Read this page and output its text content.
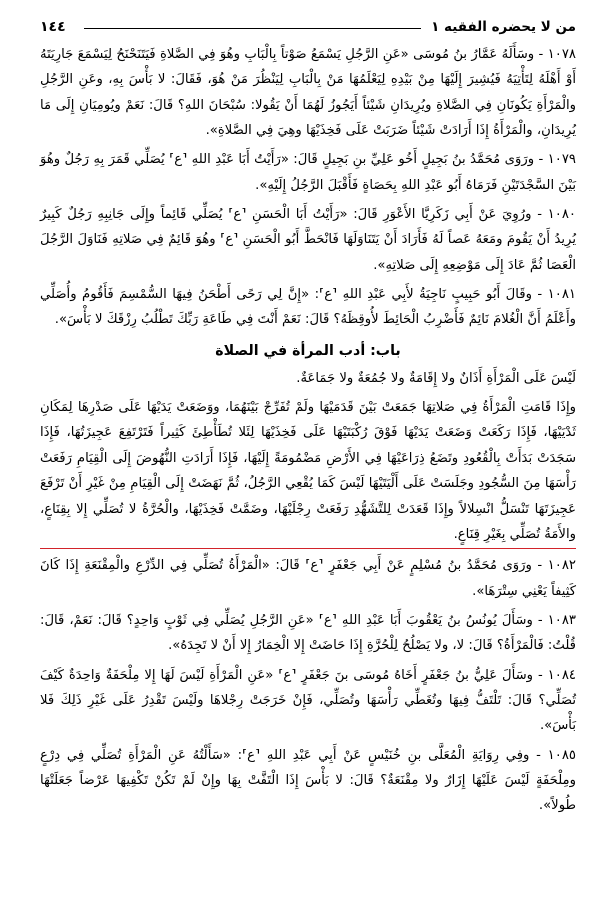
من لا يحضره الفقيه ١
١٤٤

١٠٧٨ - وسَأَلَهُ عَمَّارُ بنُ مُوسَى «عَنِ الرَّجُلِ يَسْمَعُ صَوْتاً بِالْبَابِ وهُوَ فِي الصَّلاةِ فَيَتَنَحْنَحُ لِيَسْمَعَ جَارِيَتَهُ أَوْ أَهْلَهُ لِتَأْتِيَهُ فَيُشِيرَ إِلَيْهَا مِنْ بَيْدِهِ لِيَعْلَمُهَا مَنْ بِالْبَابِ لِيَنْظُرَ مَنْ هُوَ، فَقَالَ: لا بَأْسَ بِهِ، وعَنِ الرَّجُلِ والْمَرْأَةِ يَكُونَانِ فِي الصَّلاةِ ويُرِيدَانِ شَيْئاً أَيَجُوزُ لَهُمَا أَنْ يَقُولا: سُبْحَانَ اللهِ؟ قَالَ: نَعَمْ ويُومِيَانِ إِلَى مَا يُرِيدَانِ، والْمَرْأَةُ إِذَا أَرَادَتْ شَيْئاً ضَرَبَتْ عَلَى فَخِذَيْهَا وهِيَ فِي الصَّلاةِ».

١٠٧٩ - ورَوَى مُحَمَّدُ بنُ بَجِيلٍ أَخُو عَلِيِّ بنِ بَجِيلٍ قَالَ: «رَأَيْتُ أَبَا عَبْدِ اللهِ ⸢ع⸣ يُصَلِّي قَمَرَ بِهِ رَجُلٌ وهُوَ بَيْنَ السَّجْدَتَيْنِ فَرَمَاهُ أَبُو عَبْدِ اللهِ بِحَصَاةٍ فَأَقْبَلَ الرَّجُلُ إِلَيْهِ».

١٠٨٠ - ورُوِيَ عَنْ أَبِي زَكَرِيَّا الأَعْوَرِ قَالَ: «رَأَيْتُ أَبَا الْحَسَنِ ⸢ع⸣ يُصَلِّي قَائِماً وإِلَى جَانِبِهِ رَجُلٌ كَبِيرٌ يُرِيدُ أَنْ يَقُومَ ومَعَهُ عَصاً لَهُ فَأَرَادَ أَنْ يَتَنَاوَلَهَا فَانْحَطَّ أَبُو الْحَسَنِ ⸢ع⸣ وهُوَ قَائِمٌ فِي صَلاتِهِ فَنَاوَلَ الرَّجُلَ الْعَصَا ثُمَّ عَادَ إِلَى مَوْضِعِهِ إِلَى صَلاتِهِ».

١٠٨١ - وقَالَ أَبُو حَبِيبٍ نَاجِيَةُ لأَبِي عَبْدِ اللهِ ⸢ع⸣: «إِنَّ لِي رَحًى أَطْحَنُ فِيهَا السُّمْسِمَ فَأَقُومُ وأُصَلِّي وأَعْلَمُ أَنَّ الْغُلامَ نَائِمٌ فَأَضْرِبُ الْحَائِطَ لأُوقِظَهُ؟ قَالَ: نَعَمْ أَنْتَ فِي طَاعَةِ رَبِّكَ تَطْلُبُ رِزْقَكَ لا بَأْسَ».

باب: أدب المرأة في الصلاة

لَيْسَ عَلَى الْمَرْأَةِ أَذَانٌ ولا إِقَامَةٌ ولا جُمُعَةٌ ولا جَمَاعَةٌ.

وإِذَا قَامَتِ الْمَرْأَةُ فِي صَلاتِهَا جَمَعَتْ بَيْنَ قَدَمَيْهَا ولَمْ تُفَرِّجْ بَيْنَهُمَا، ووَضَعَتْ يَدَيْهَا عَلَى صَدْرِهَا لِمَكَانِ ثَدْيَيْهَا، فَإِذَا رَكَعَتْ وَضَعَتْ يَدَيْهَا فَوْقَ رُكْبَتَيْهَا عَلَى فَخِذَيْهَا لِئَلا تُطَأْطِئَ كَثِيراً فَتَرْتَفِعَ عَجِيزَتُهَا، فَإِذَا سَجَدَتْ بَدَأَتْ بِالْقُعُودِ وتَضَعُ ذِرَاعَيْهَا فِي الأَرْضِ مَضْمُومَةً إِلَيْهَا، فَإِذَا أَرَادَتِ النُّهُوضَ إِلَى الْقِيَامِ رَفَعَتْ رَأْسَهَا مِنَ السُّجُودِ وجَلَسَتْ عَلَى أَلْيَتَيْهَا لَيْسَ كَمَا يُقْعِي الرَّجُلُ، ثُمَّ نَهَضَتْ إِلَى الْقِيَامِ مِنْ غَيْرِ أَنْ تَرْفَعَ عَجِيزَتَهَا تَنْسَلُّ انْسِلالاً وإِذَا قَعَدَتْ لِلتَّشَهُّدِ رَفَعَتْ رِجْلَيْهَا، وضَمَّتْ فَخِذَيْهَا، والْحُرَّةُ لا تُصَلِّي إِلا بِقِنَاعٍ، والأَمَةُ تُصَلِّي بِغَيْرِ قِنَاعٍ.

١٠٨٢ - ورَوَى مُحَمَّدُ بنُ مُسْلِمٍ عَنْ أَبِي جَعْفَرٍ ⸢ع⸣ قَالَ: «الْمَرْأَةُ تُصَلِّي فِي الدِّرْعِ والْمِقْنَعَةِ إِذَا كَانَ كَثِيفاً يَعْنِي سِتْرَهَا».

١٠٨٣ - وسَأَلَ يُونُسُ بنُ يَعْقُوبَ أَبَا عَبْدِ اللهِ ⸢ع⸣ «عَنِ الرَّجُلِ يُصَلِّي فِي ثَوْبٍ وَاحِدٍ؟ قَالَ: نَعَمْ، قَالَ: قُلْتُ: فَالْمَرْأَةُ؟ قَالَ: لا، ولا يَصْلُحُ لِلْحُرَّةِ إِذَا حَاضَتْ إِلا الْخِمَارُ إِلا أَنْ لا تَجِدَهُ».

١٠٨٤ - وسَأَلَ عَلِيُّ بنُ جَعْفَرٍ أَخَاهُ مُوسَى بنَ جَعْفَرٍ ⸢ع⸣ «عَنِ الْمَرْأَةِ لَيْسَ لَهَا إِلا مِلْحَفَةٌ وَاحِدَةٌ كَيْفَ تُصَلِّي؟ قَالَ: تَلْتَفُّ فِيهَا وتُغَطِّي رَأْسَهَا وتُصَلِّي، فَإِنْ خَرَجَتْ رِجْلاهَا ولَيْسَ تَقْدِرُ عَلَى غَيْرِ ذَلِكَ فَلا بَأْسَ».

١٠٨٥ - وفِي رِوَايَةِ الْمُعَلَّى بنِ خُنَيْسٍ عَنْ أَبِي عَبْدِ اللهِ ⸢ع⸣: «سَأَلْتُهُ عَنِ الْمَرْأَةِ تُصَلِّي فِي دِرْعٍ ومِلْحَفَةٍ لَيْسَ عَلَيْهَا إِزَارٌ ولا مِقْنَعَةٌ؟ قَالَ: لا بَأْسَ إِذَا الْتَفَّتْ بِهَا وإِنْ لَمْ تَكُنْ تَكْفِيهَا عَرْضاً جَعَلَتْهَا طُولاً».
